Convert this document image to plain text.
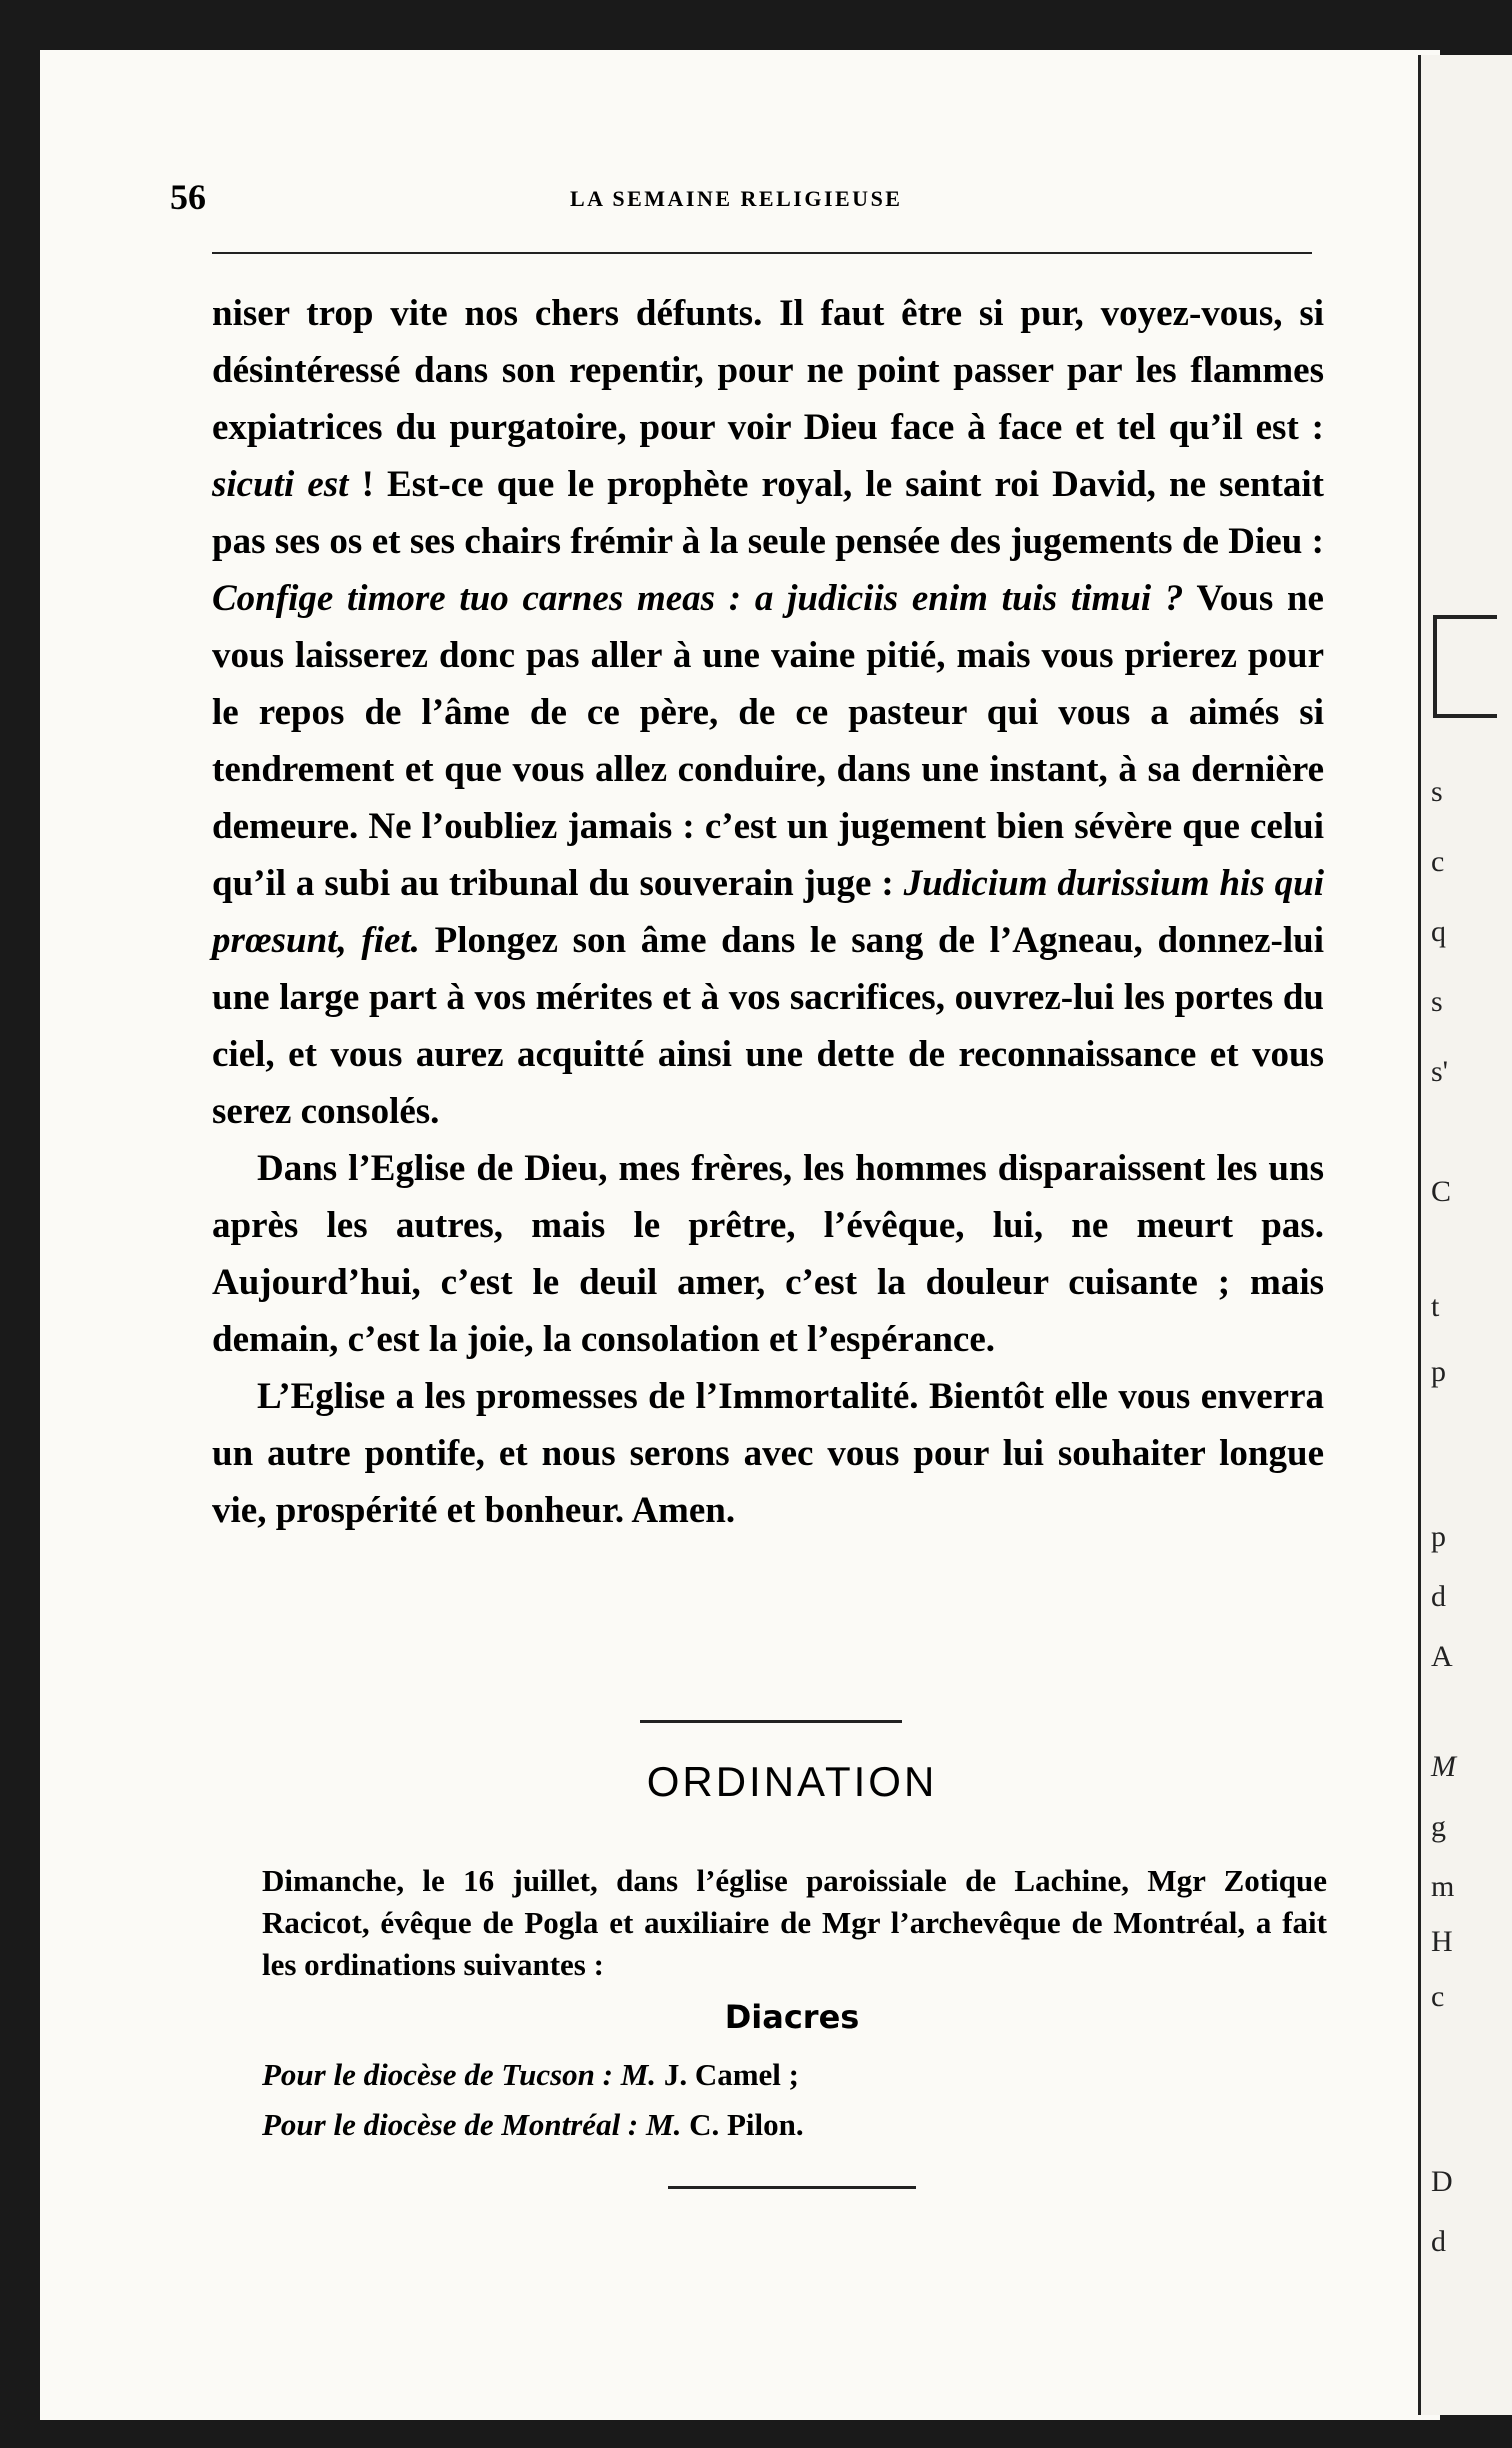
s
c
q
s
s'
C
t
p
p
d
A
M
g
m
H
c
D
d
56	LA SEMAINE RELIGIEUSE

niser trop vite nos chers défunts. Il faut être si pur, voyez-vous, si désintéressé dans son repentir, pour ne point passer par les flammes expiatrices du purgatoire, pour voir Dieu face à face et tel qu’il est : sicuti est ! Est-ce que le prophète royal, le saint roi David, ne sentait pas ses os et ses chairs frémir à la seule pensée des jugements de Dieu : Confige timore tuo carnes meas : a judiciis enim tuis timui ? Vous ne vous laisserez donc pas aller à une vaine pitié, mais vous prierez pour le repos de l’âme de ce père, de ce pasteur qui vous a aimés si tendrement et que vous allez conduire, dans une instant, à sa dernière demeure. Ne l’oubliez jamais : c’est un jugement bien sévère que celui qu’il a subi au tribunal du souverain juge : Judicium durissium his qui prœsunt, fiet. Plongez son âme dans le sang de l’Agneau, donnez-lui une large part à vos mérites et à vos sacrifices, ouvrez-lui les portes du ciel, et vous aurez acquitté ainsi une dette de reconnaissance et vous serez consolés.

Dans l’Eglise de Dieu, mes frères, les hommes disparaissent les uns après les autres, mais le prêtre, l’évêque, lui, ne meurt pas. Aujourd’hui, c’est le deuil amer, c’est la douleur cuisante ; mais demain, c’est la joie, la consolation et l’espérance.

L’Eglise a les promesses de l’Immortalité. Bientôt elle vous enverra un autre pontife, et nous serons avec vous pour lui souhaiter longue vie, prospérité et bonheur. Amen.

ORDINATION

Dimanche, le 16 juillet, dans l’église paroissiale de Lachine, Mgr Zotique Racicot, évêque de Pogla et auxiliaire de Mgr l’archevêque de Montréal, a fait les ordinations suivantes :

Diacres
Pour le diocèse de Tucson : M. J. Camel ;
Pour le diocèse de Montréal : M. C. Pilon.
